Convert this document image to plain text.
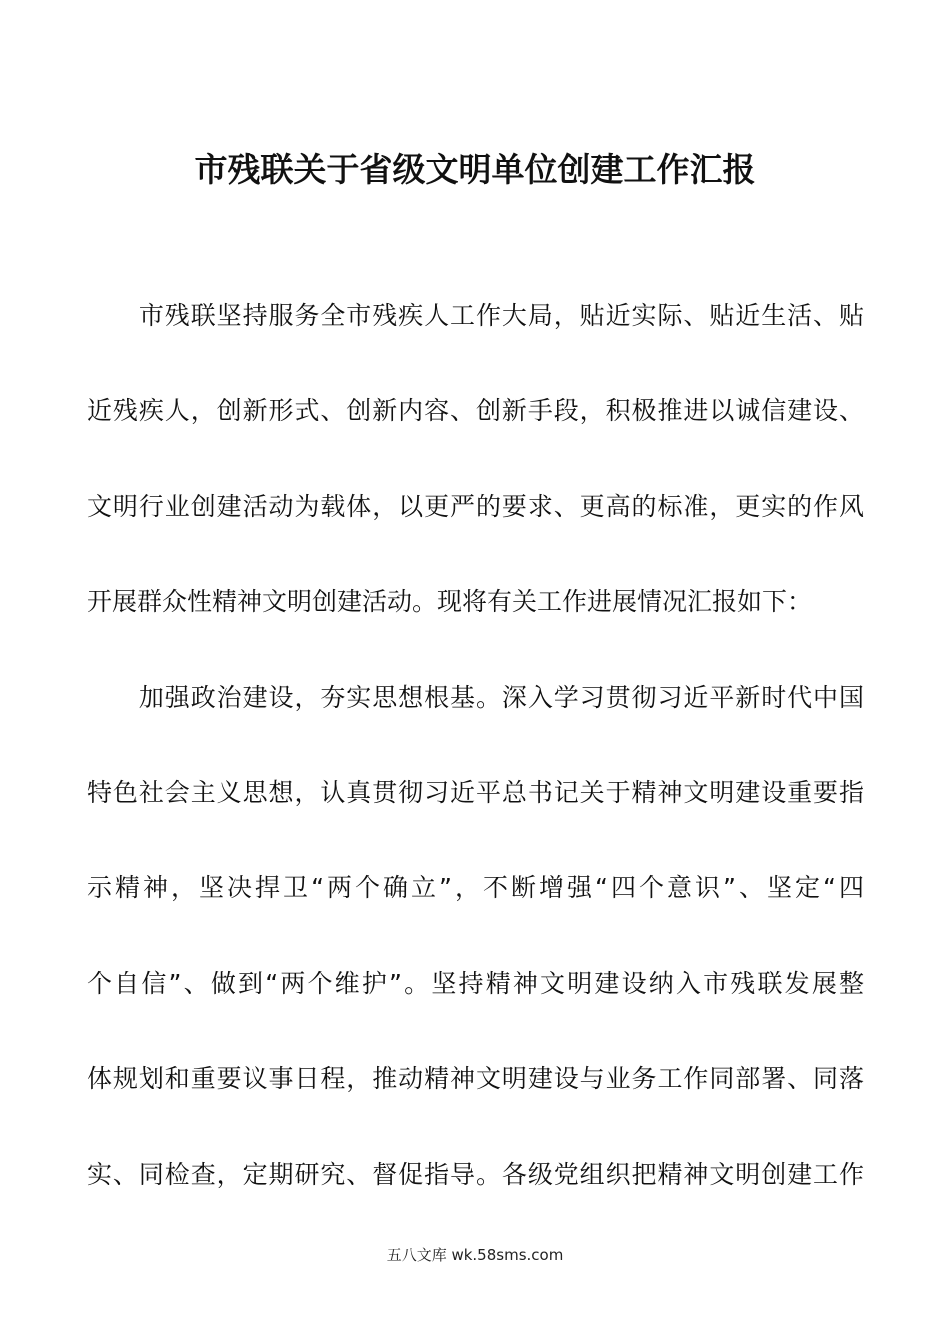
市残联关于省级文明单位创建工作汇报

　　市残联坚持服务全市残疾人工作大局，贴近实际、贴近生活、贴
近残疾人，创新形式、创新内容、创新手段，积极推进以诚信建设、
文明行业创建活动为载体，以更严的要求、更高的标准，更实的作风
开展群众性精神文明创建活动。现将有关工作进展情况汇报如下：

　　加强政治建设，夯实思想根基。深入学习贯彻习近平新时代中国
特色社会主义思想，认真贯彻习近平总书记关于精神文明建设重要指
示精神，坚决捍卫“两个确立”，不断增强“四个意识”、坚定“四
个自信”、做到“两个维护”。坚持精神文明建设纳入市残联发展整
体规划和重要议事日程，推动精神文明建设与业务工作同部署、同落
实、同检查，定期研究、督促指导。各级党组织把精神文明创建工作

五八文库 wk.58sms.com
